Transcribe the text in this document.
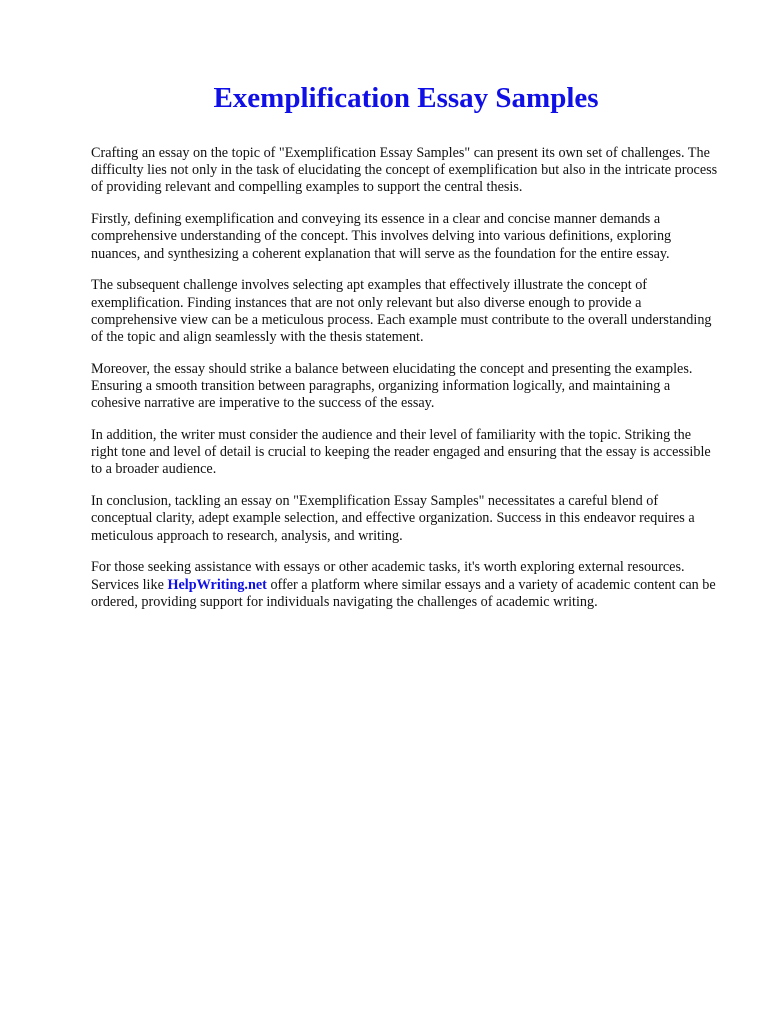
Exemplification Essay Samples

Crafting an essay on the topic of "Exemplification Essay Samples" can present its own set of challenges. The difficulty lies not only in the task of elucidating the concept of exemplification but also in the intricate process of providing relevant and compelling examples to support the central thesis.

Firstly, defining exemplification and conveying its essence in a clear and concise manner demands a comprehensive understanding of the concept. This involves delving into various definitions, exploring nuances, and synthesizing a coherent explanation that will serve as the foundation for the entire essay.

The subsequent challenge involves selecting apt examples that effectively illustrate the concept of exemplification. Finding instances that are not only relevant but also diverse enough to provide a comprehensive view can be a meticulous process. Each example must contribute to the overall understanding of the topic and align seamlessly with the thesis statement.

Moreover, the essay should strike a balance between elucidating the concept and presenting the examples. Ensuring a smooth transition between paragraphs, organizing information logically, and maintaining a cohesive narrative are imperative to the success of the essay.

In addition, the writer must consider the audience and their level of familiarity with the topic. Striking the right tone and level of detail is crucial to keeping the reader engaged and ensuring that the essay is accessible to a broader audience.

In conclusion, tackling an essay on "Exemplification Essay Samples" necessitates a careful blend of conceptual clarity, adept example selection, and effective organization. Success in this endeavor requires a meticulous approach to research, analysis, and writing.

For those seeking assistance with essays or other academic tasks, it's worth exploring external resources. Services like HelpWriting.net offer a platform where similar essays and a variety of academic content can be ordered, providing support for individuals navigating the challenges of academic writing.
